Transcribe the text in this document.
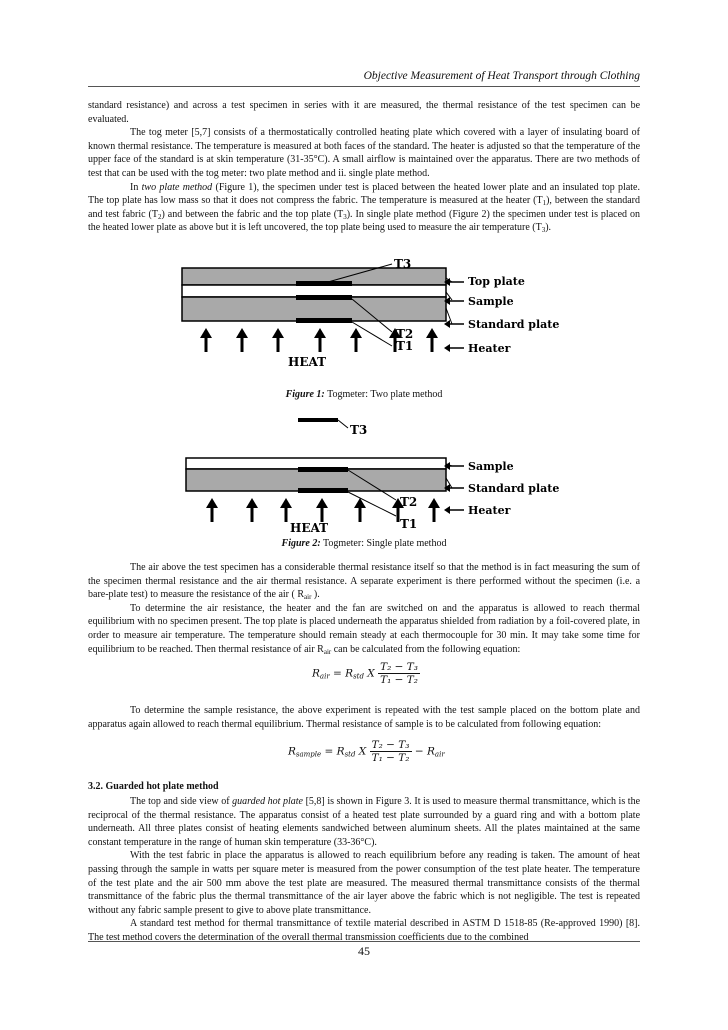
Objective Measurement of Heat Transport through Clothing

standard resistance) and across a test specimen in series with it are measured, the thermal resistance of the test specimen can be evaluated.

The tog meter [5,7] consists of a thermostatically controlled heating plate which covered with a layer of insulating board of known thermal resistance. The temperature is measured at both faces of the standard. The heater is adjusted so that the temperature of the upper face of the standard is at skin temperature (31-35°C). A small airflow is maintained over the apparatus. There are two methods of test that can be used with the tog meter: two plate method and ii. single plate method.

In two plate method (Figure 1), the specimen under test is placed between the heated lower plate and an insulated top plate. The top plate has low mass so that it does not compress the fabric. The temperature is measured at the heater $(T_1)$, between the standard and test fabric $(T_2)$ and between the fabric and the top plate $(T_3)$. In single plate method (Figure 2) the specimen under test is placed on the heated lower plate as above but it is left uncovered, the top plate being used to measure the air temperature $(T_3)$.

T3
T2
T1
Top plate
Sample
Standard plate
Heater
HEAT
Figure 1: Togmeter: Two plate method
T3
T2
T1
Sample
Standard plate
Heater
HEAT
Figure 2: Togmeter: Single plate method

The air above the test specimen has a considerable thermal resistance itself so that the method is in fact measuring the sum of the specimen thermal resistance and the air thermal resistance. A separate experiment is there performed without the specimen (i.e. a bare-plate test) to measure the resistance of the air ( $R_{air}$ ).

To determine the air resistance, the heater and the fan are switched on and the apparatus is allowed to reach thermal equilibrium with no specimen present. The top plate is placed underneath the apparatus shielded from radiation by a foil-covered plate, in order to measure air temperature. The temperature should remain steady at each thermocouple for 30 min. It may take some time for equilibrium to be reached. Then thermal resistance of air $R_{air}$ can be calculated from the following equation:

$R_{air} = R_{std}$ X $\frac{\text{T₂ − T₃}}{\text{T₁ − T₂}}$

To determine the sample resistance, the above experiment is repeated with the test sample placed on the bottom plate and apparatus again allowed to reach thermal equilibrium. Thermal resistance of sample is to be calculated from following equation:

$R_{sample} = R_{std}$ X $\frac{\text{T₂ − T₃}}{\text{T₁ − T₂}} - R_{air}$
3.2. Guarded hot plate method

The top and side view of guarded hot plate [5,8] is shown in Figure 3. It is used to measure thermal transmittance, which is the reciprocal of the thermal resistance. The apparatus consist of a heated test plate surrounded by a guard ring and with a bottom plate underneath. All three plates consist of heating elements sandwiched between aluminum sheets. All the plates maintained at the same constant temperature in the range of human skin temperature (33-36°C).

With the test fabric in place the apparatus is allowed to reach equilibrium before any reading is taken. The amount of heat passing through the sample in watts per square meter is measured from the power consumption of the test plate heater. The temperature of the test plate and the air 500 mm above the test plate are measured. The measured thermal transmittance consists of the thermal transmittance of the fabric plus the thermal transmittance of the air layer above the fabric which is not negligible. The test is repeated without any fabric sample present to give to above plate transmittance.

A standard test method for thermal transmittance of textile material described in ASTM D 1518-85 (Re-approved 1990) [8]. The test method covers the determination of the overall thermal transmission coefficients due to the combined

45
